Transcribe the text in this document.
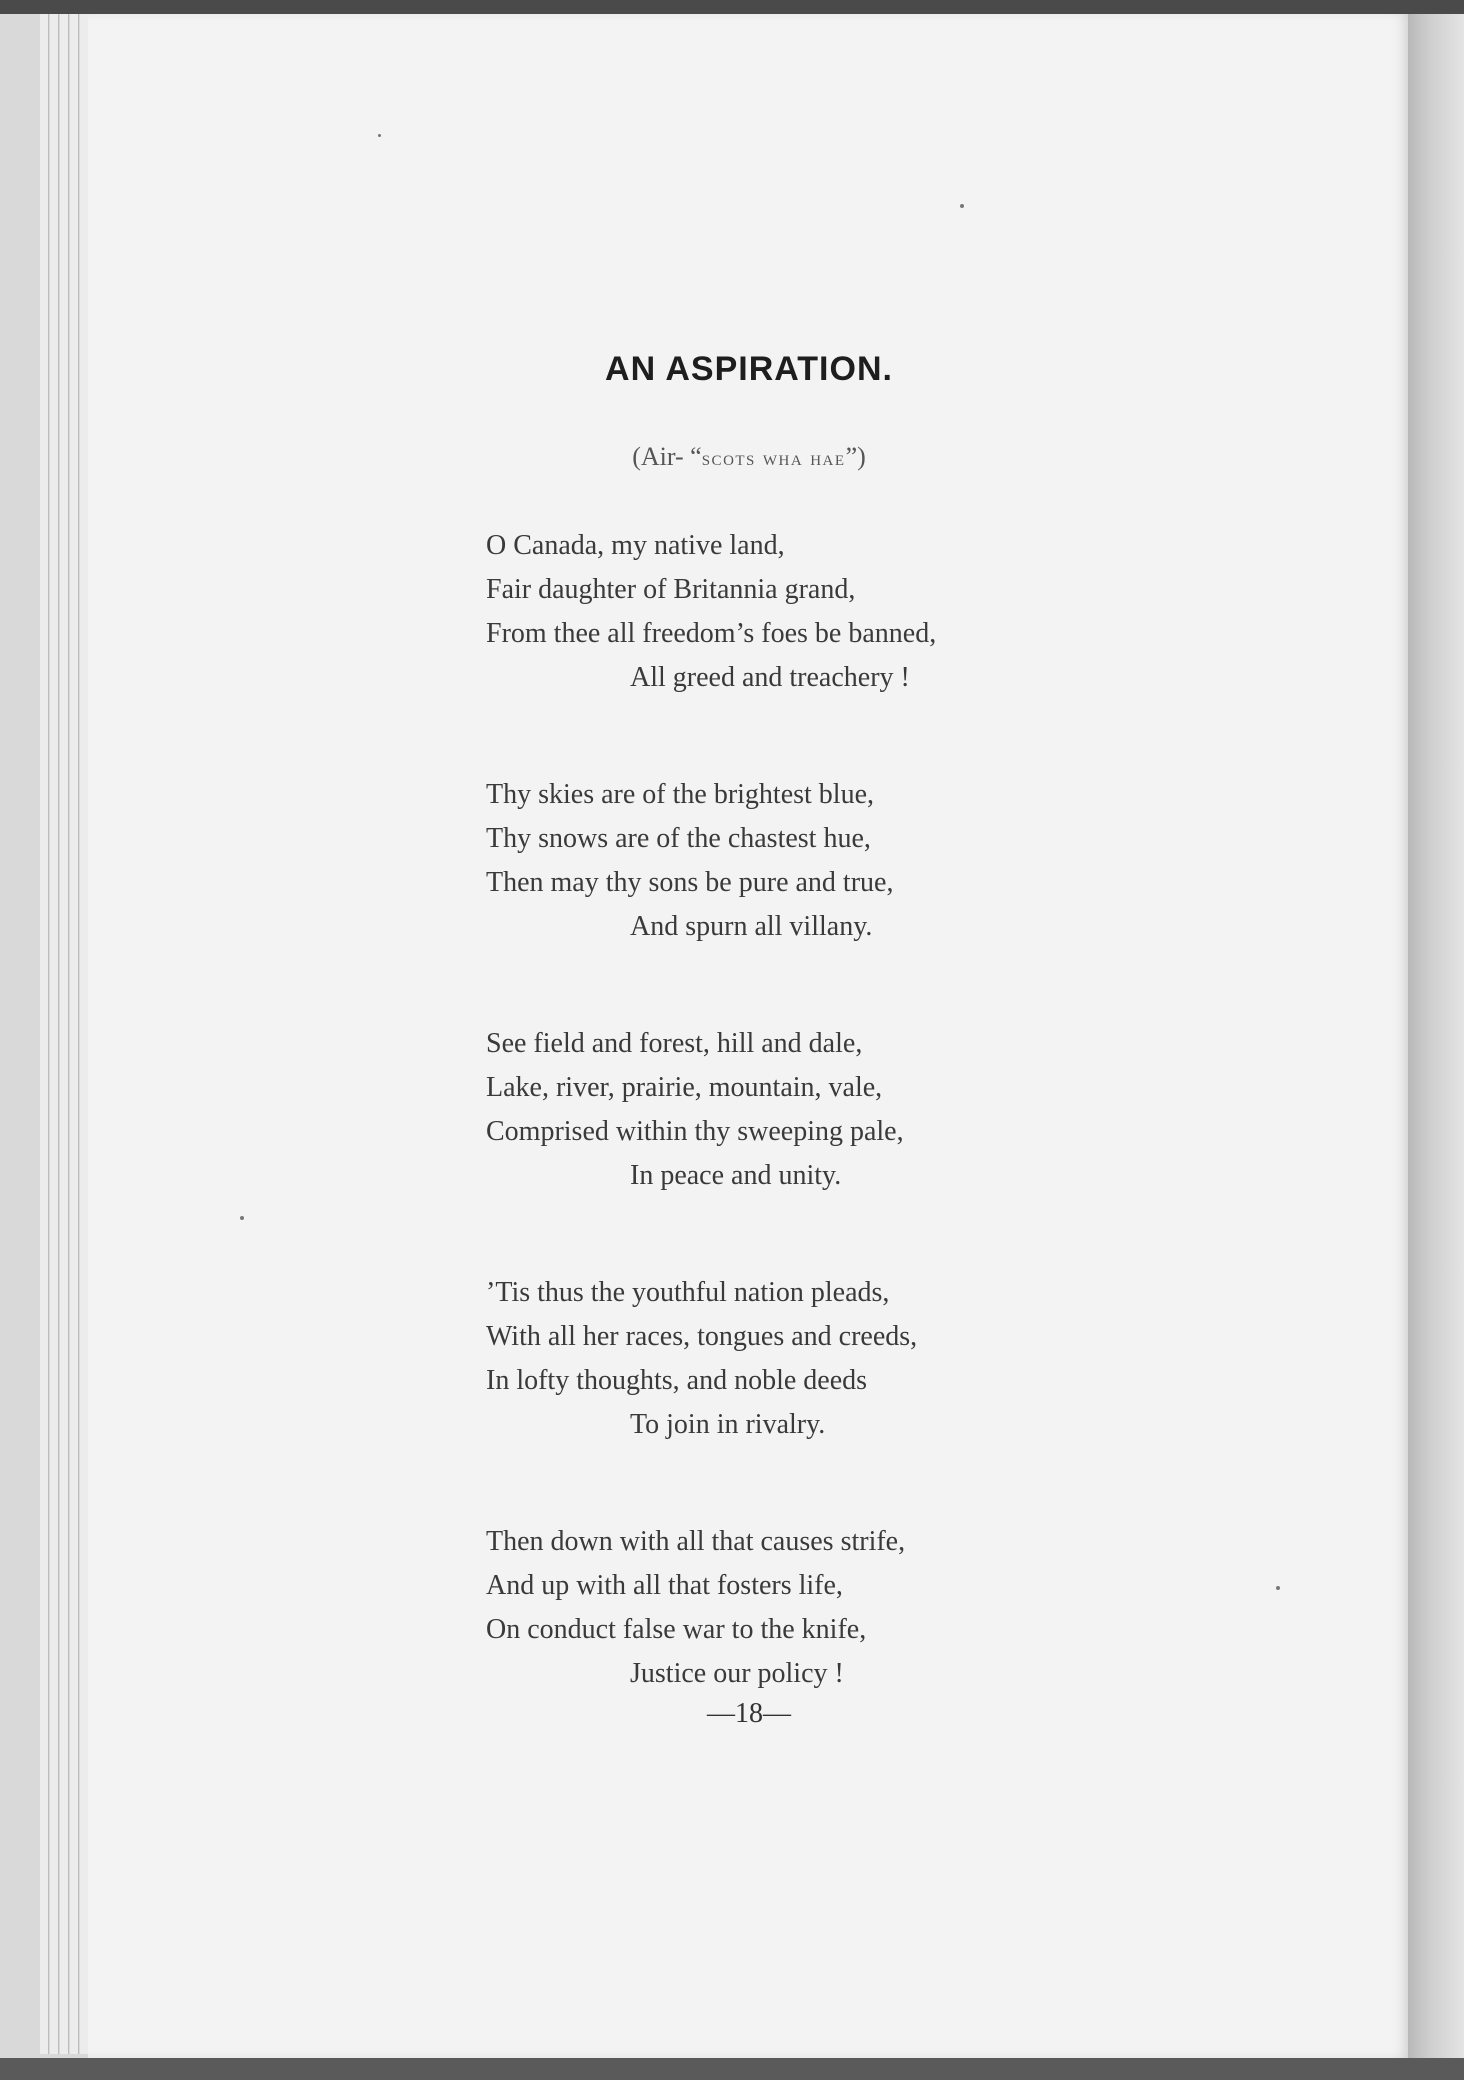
AN ASPIRATION.
(Air- “scots wha hae”)
O Canada, my native land,
Fair daughter of Britannia grand,
From thee all freedom’s foes be banned,
All greed and treachery !
Thy skies are of the brightest blue,
Thy snows are of the chastest hue,
Then may thy sons be pure and true,
And spurn all villany.
See field and forest, hill and dale,
Lake, river, prairie, mountain, vale,
Comprised within thy sweeping pale,
In peace and unity.
’Tis thus the youthful nation pleads,
With all her races, tongues and creeds,
In lofty thoughts, and noble deeds
To join in rivalry.
Then down with all that causes strife,
And up with all that fosters life,
On conduct false war to the knife,
Justice our policy !
—18—
